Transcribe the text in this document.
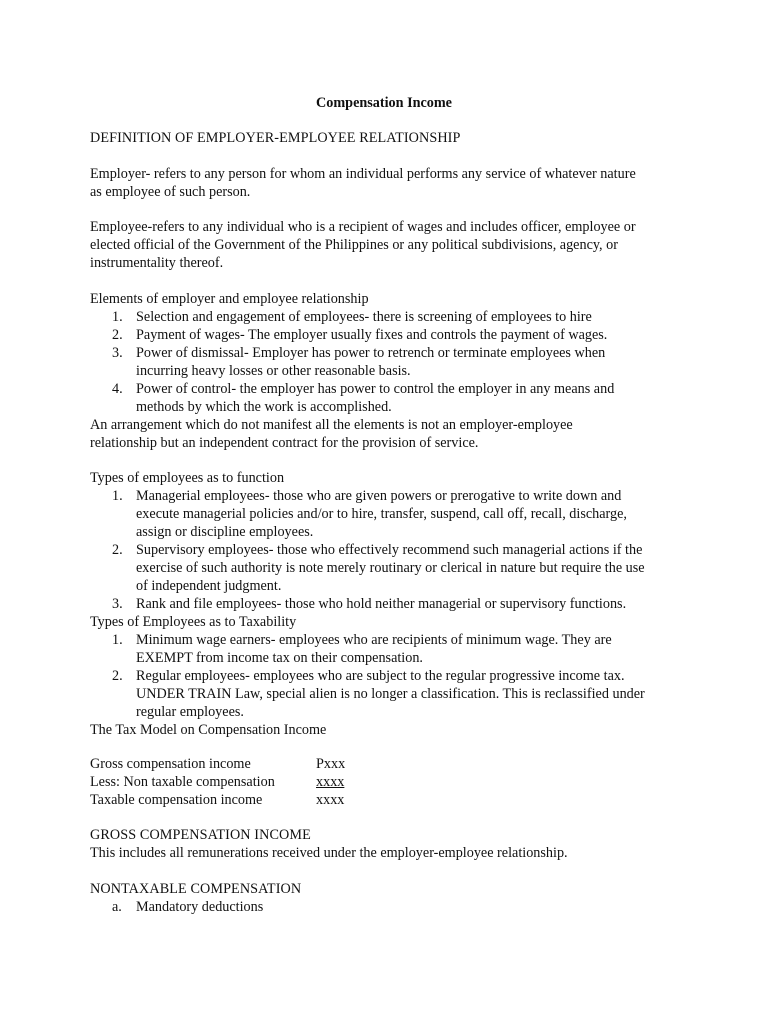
Compensation Income
DEFINITION OF EMPLOYER-EMPLOYEE RELATIONSHIP

Employer- refers to any person for whom an individual performs any service of whatever nature

as employee of such person.

Employee-refers to any individual who is a recipient of wages and includes officer, employee or

elected official of the Government of the Philippines or any political subdivisions, agency, or

instrumentality thereof.

Elements of employer and employee relationship
1. Selection and engagement of employees- there is screening of employees to hire
2. Payment of wages- The employer usually fixes and controls the payment of wages.
3. Power of dismissal- Employer has power to retrench or terminate employees when
incurring heavy losses or other reasonable basis.
4. Power of control- the employer has power to control the employer in any means and
methods by which the work is accomplished.
An arrangement which do not manifest all the elements is not an employer-employee
relationship but an independent contract for the provision of service.
Types of employees as to function
1. Managerial employees- those who are given powers or prerogative to write down and
execute managerial policies and/or to hire, transfer, suspend, call off, recall, discharge,
assign or discipline employees.
2. Supervisory employees- those who effectively recommend such managerial actions if the
exercise of such authority is note merely routinary or clerical in nature but require the use
of independent judgment.
3. Rank and file employees- those who hold neither managerial or supervisory functions.
Types of Employees as to Taxability
1. Minimum wage earners- employees who are recipients of minimum wage. They are
EXEMPT from income tax on their compensation.
2. Regular employees- employees who are subject to the regular progressive income tax.
UNDER TRAIN Law, special alien is no longer a classification. This is reclassified under
regular employees.
The Tax Model on Compensation Income
Gross compensation income	Pxxx
Less: Non taxable compensation	xxxx
Taxable compensation income	xxxx
GROSS COMPENSATION INCOME
This includes all remunerations received under the employer-employee relationship.
NONTAXABLE COMPENSATION
a. Mandatory deductions
